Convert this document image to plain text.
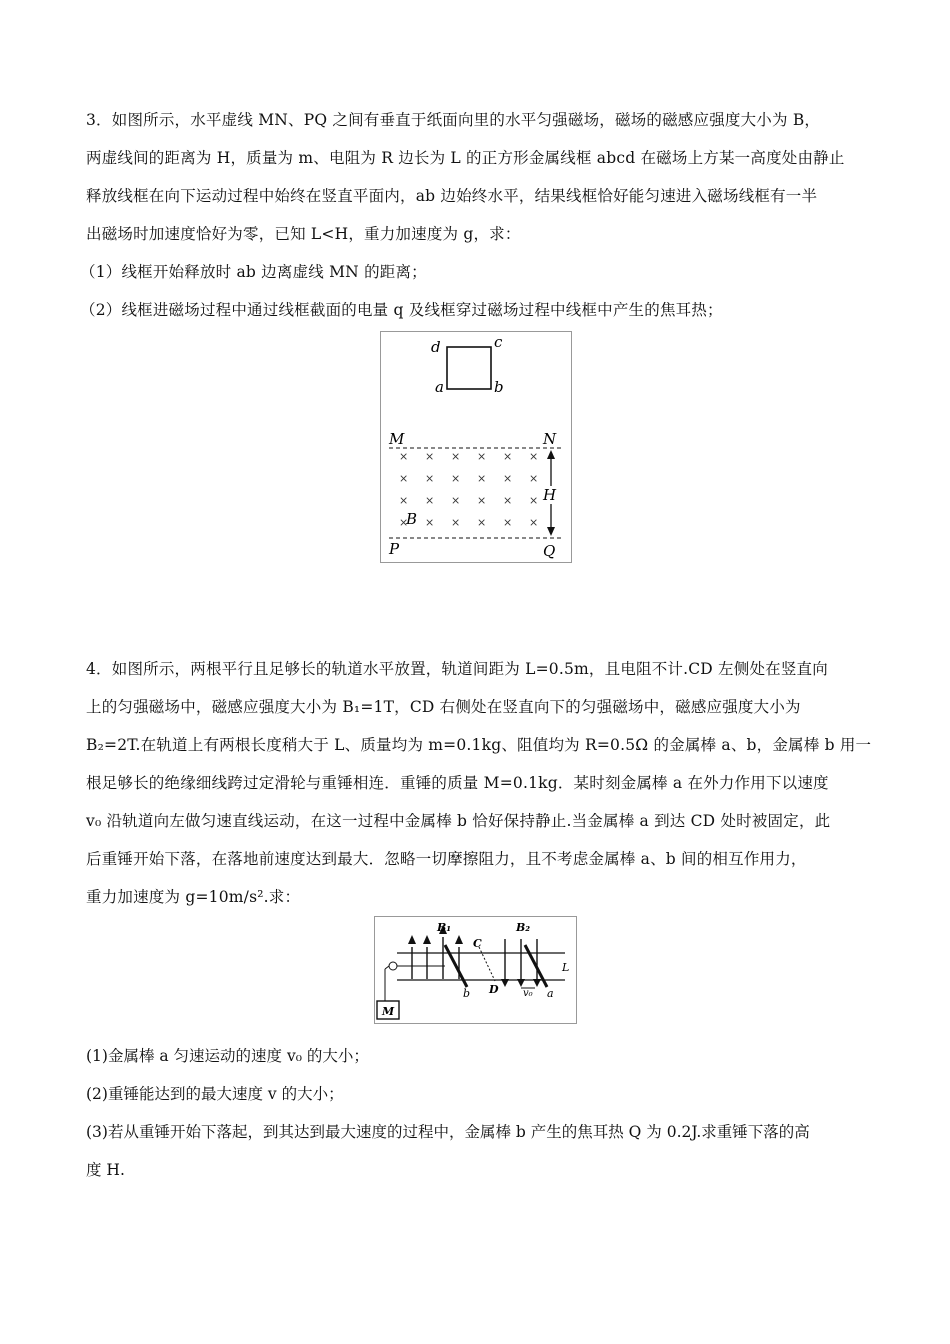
3．如图所示，水平虚线 MN、PQ 之间有垂直于纸面向里的水平匀强磁场，磁场的磁感应强度大小为 B，
两虚线间的距离为 H，质量为 m、电阻为 R 边长为 L 的正方形金属线框 abcd 在磁场上方某一高度处由静止
释放线框在向下运动过程中始终在竖直平面内，ab 边始终水平，结果线框恰好能匀速进入磁场线框有一半
出磁场时加速度恰好为零，已知 L<H，重力加速度为 g，求：
（1）线框开始释放时 ab 边离虚线 MN 的距离；
（2）线框进磁场过程中通过线框截面的电量 q 及线框穿过磁场过程中线框中产生的焦耳热；
d	c
a	b
M	N
P	Q
× × × × × ×
× × × × × ×
× × × × × ×
× × × × ×
×
B
H
4．如图所示，两根平行且足够长的轨道水平放置，轨道间距为 L=0.5m，且电阻不计.CD 左侧处在竖直向
上的匀强磁场中，磁感应强度大小为 B₁=1T，CD 右侧处在竖直向下的匀强磁场中，磁感应强度大小为
B₂=2T.在轨道上有两根长度稍大于 L、质量均为 m=0.1kg、阻值均为 R=0.5Ω 的金属棒 a、b，金属棒 b 用一
根足够长的绝缘细线跨过定滑轮与重锤相连．重锤的质量 M=0.1kg．某时刻金属棒 a 在外力作用下以速度
v₀ 沿轨道向左做匀速直线运动，在这一过程中金属棒 b 恰好保持静止.当金属棒 a 到达 CD 处时被固定，此
后重锤开始下落，在落地前速度达到最大．忽略一切摩擦阻力，且不考虑金属棒 a、b 间的相互作用力，
重力加速度为 g=10m/s².求：
B₁	B₂
C
D
b	a
L
v₀
M
(1)金属棒 a 匀速运动的速度 v₀ 的大小；
(2)重锤能达到的最大速度 v 的大小；
(3)若从重锤开始下落起，到其达到最大速度的过程中，金属棒 b 产生的焦耳热 Q 为 0.2J.求重锤下落的高
度 H.
